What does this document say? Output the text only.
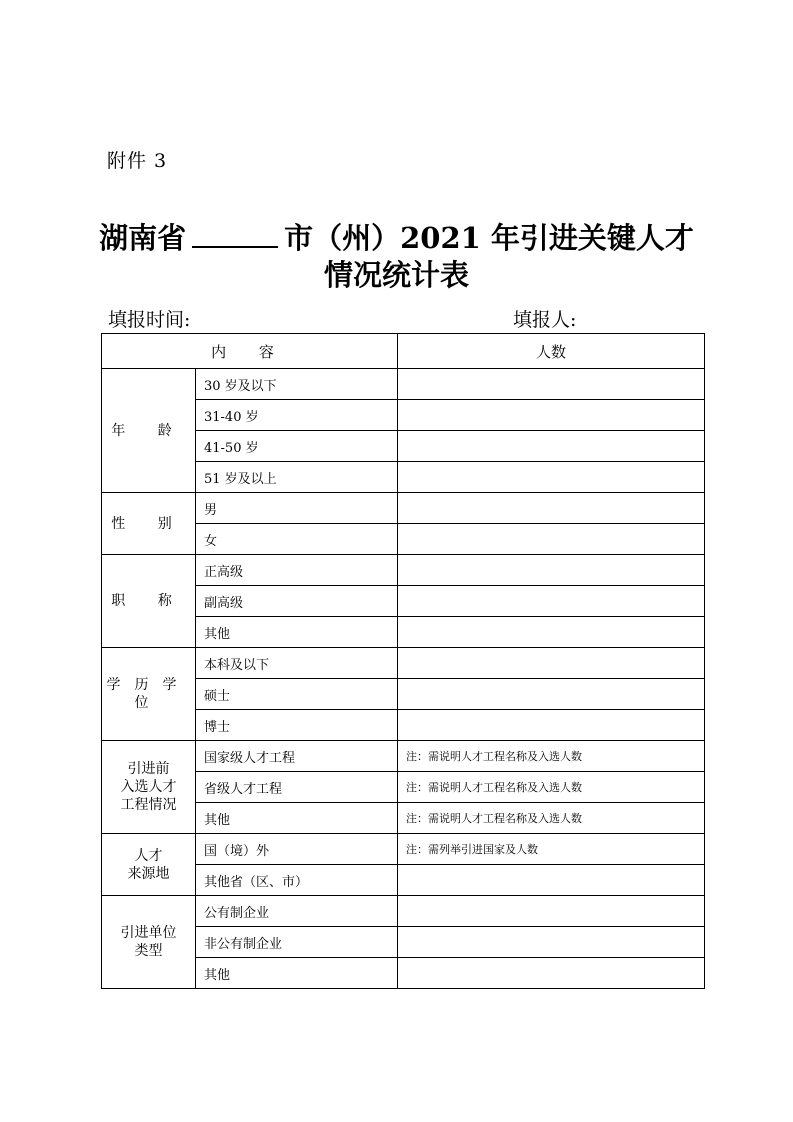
附件 3
湖南省	市（州）2021 年引进关键人才
情况统计表
填报时间:	填报人:
内 容		人数
年 龄	30 岁及以下	
	31-40 岁	
	41-50 岁	
	51 岁及以上	
性 别	男	
	女	
职 称	正高级	
	副高级	
	其他	
学历学位	本科及以下	
	硕士	
	博士	

引进前
入选人才
工程情况	国家级人才工程	注：需说明人才工程名称及入选人数
	省级人才工程	注：需说明人才工程名称及入选人数
	其他	注：需说明人才工程名称及入选人数

人才
来源地	国（境）外	注：需列举引进国家及人数
	其他省（区、市）	

引进单位
类型	公有制企业	
	非公有制企业	
	其他	
